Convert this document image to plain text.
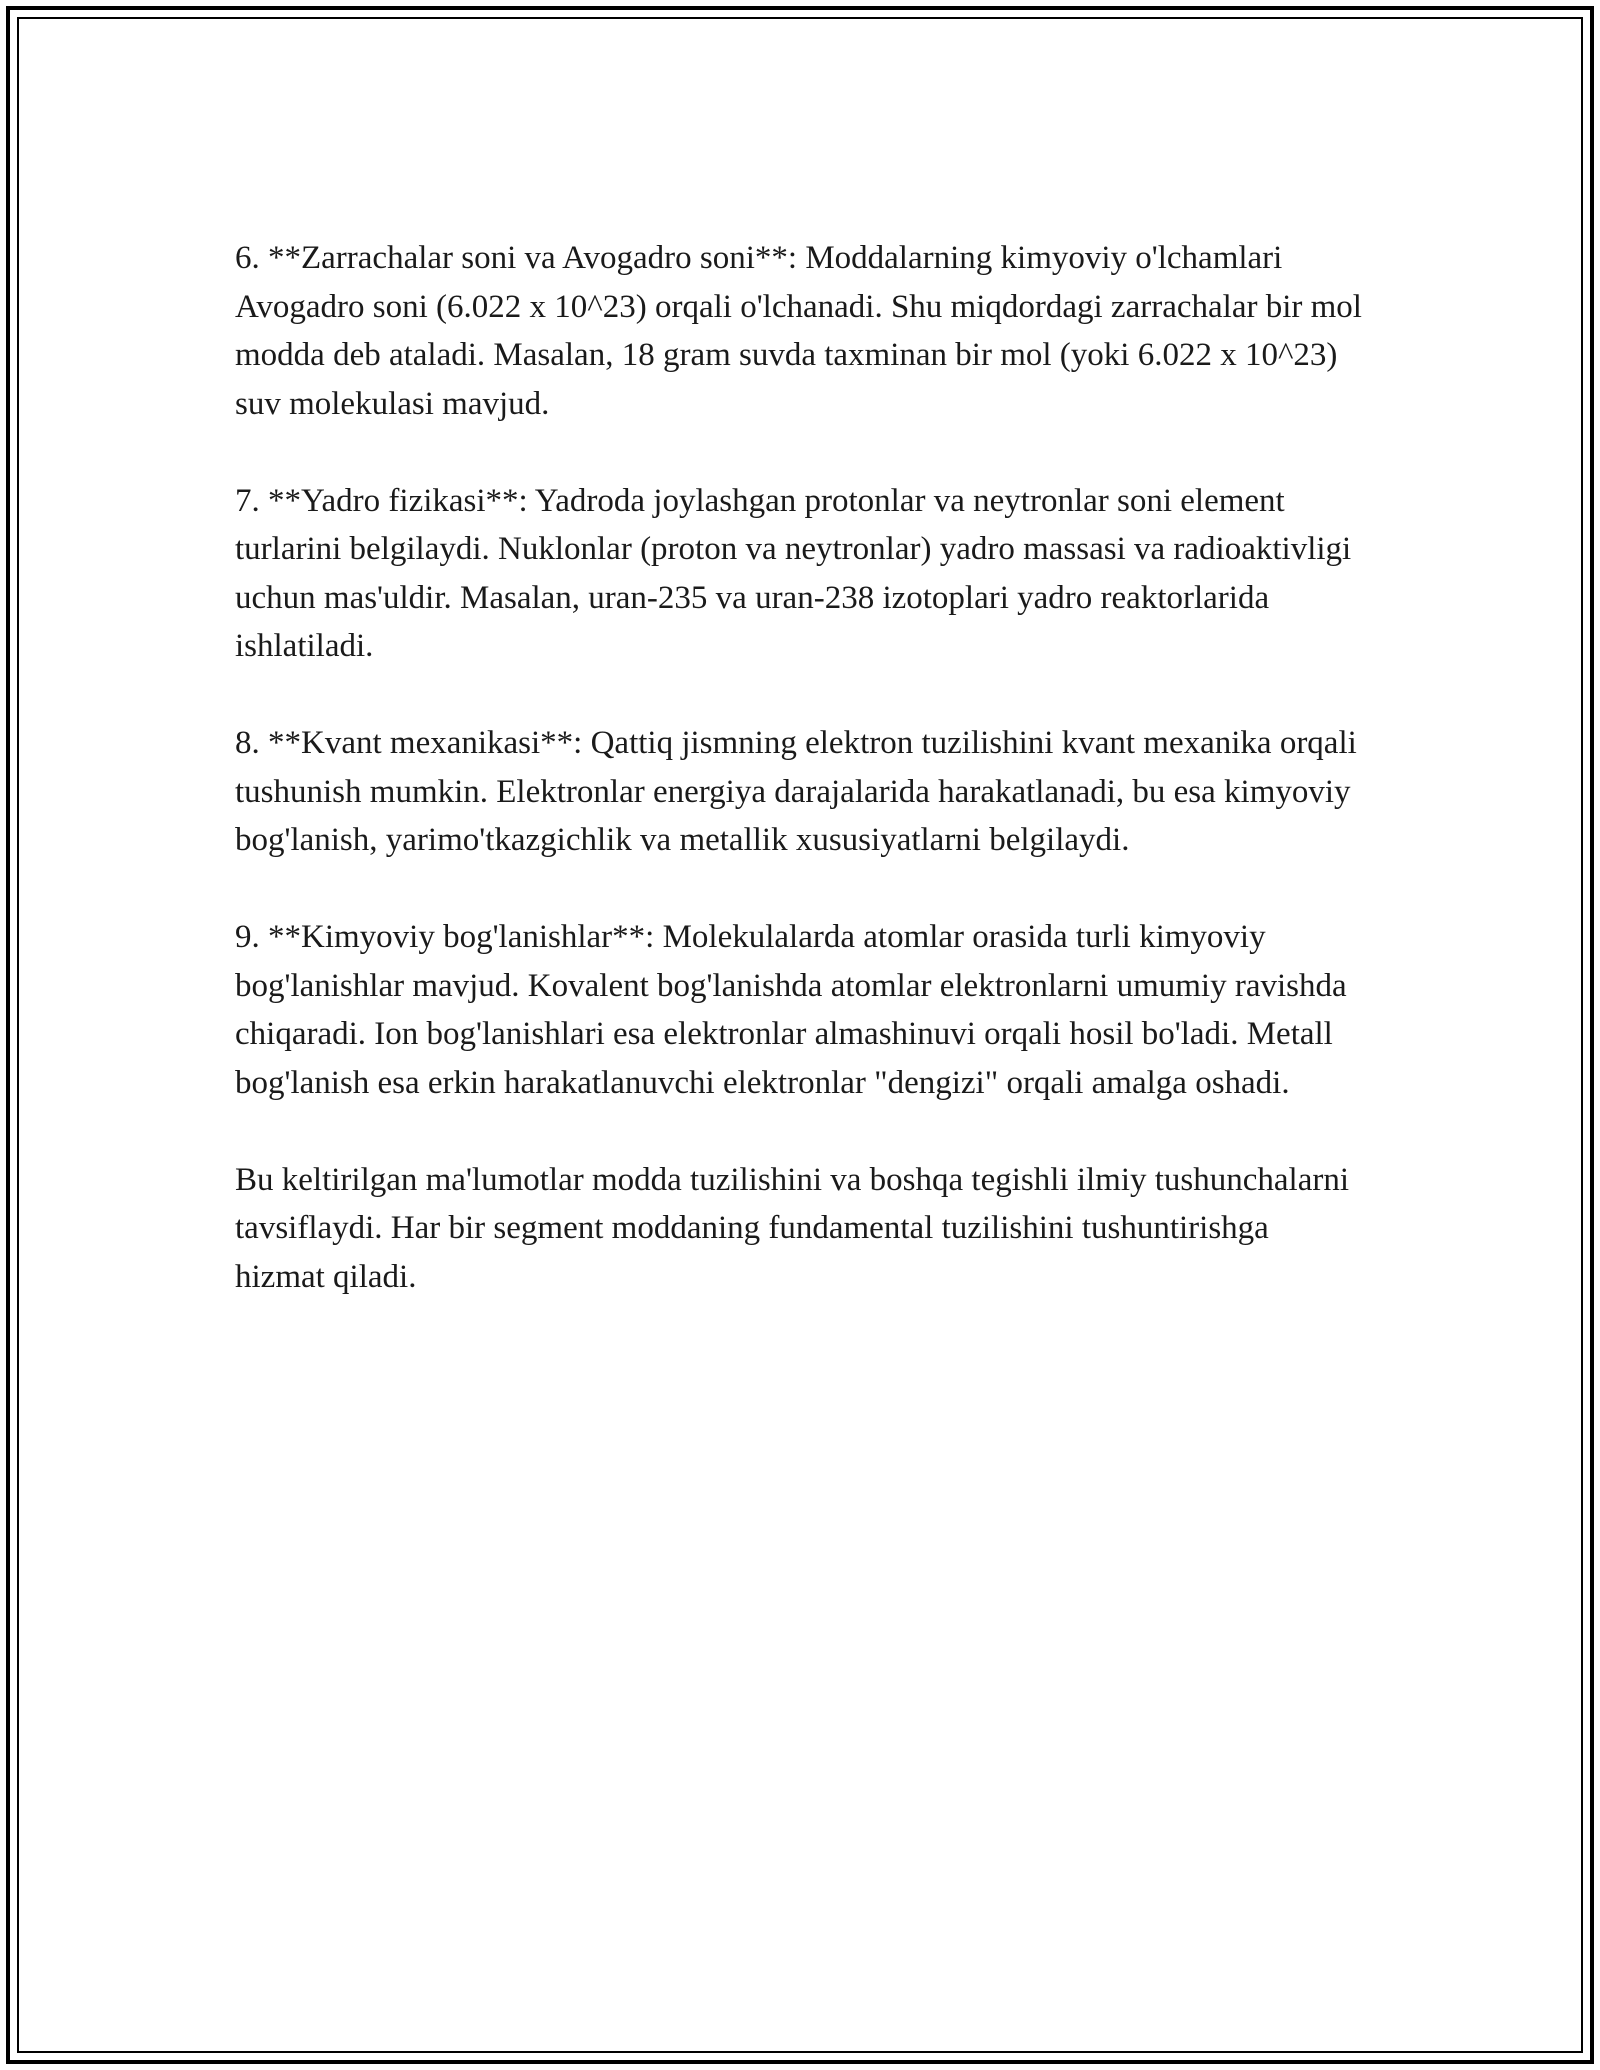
6. **Zarrachalar soni va Avogadro soni**: Moddalarning kimyoviy o'lchamlari Avogadro soni (6.022 x 10^23) orqali o'lchanadi. Shu miqdordagi zarrachalar bir mol modda deb ataladi. Masalan, 18 gram suvda taxminan bir mol (yoki 6.022 x 10^23) suv molekulasi mavjud.

7. **Yadro fizikasi**: Yadroda joylashgan protonlar va neytronlar soni element turlarini belgilaydi. Nuklonlar (proton va neytronlar) yadro massasi va radioaktivligi uchun mas'uldir. Masalan, uran-235 va uran-238 izotoplari yadro reaktorlarida ishlatiladi.

8. **Kvant mexanikasi**: Qattiq jismning elektron tuzilishini kvant mexanika orqali tushunish mumkin. Elektronlar energiya darajalarida harakatlanadi, bu esa kimyoviy bog'lanish, yarimo'tkazgichlik va metallik xususiyatlarni belgilaydi.

9. **Kimyoviy bog'lanishlar**: Molekulalarda atomlar orasida turli kimyoviy bog'lanishlar mavjud. Kovalent bog'lanishda atomlar elektronlarni umumiy ravishda chiqaradi. Ion bog'lanishlari esa elektronlar almashinuvi orqali hosil bo'ladi. Metall bog'lanish esa erkin harakatlanuvchi elektronlar "dengizi" orqali amalga oshadi.

Bu keltirilgan ma'lumotlar modda tuzilishini va boshqa tegishli ilmiy tushunchalarni tavsiflaydi. Har bir segment moddaning fundamental tuzilishini tushuntirishga hizmat qiladi.
